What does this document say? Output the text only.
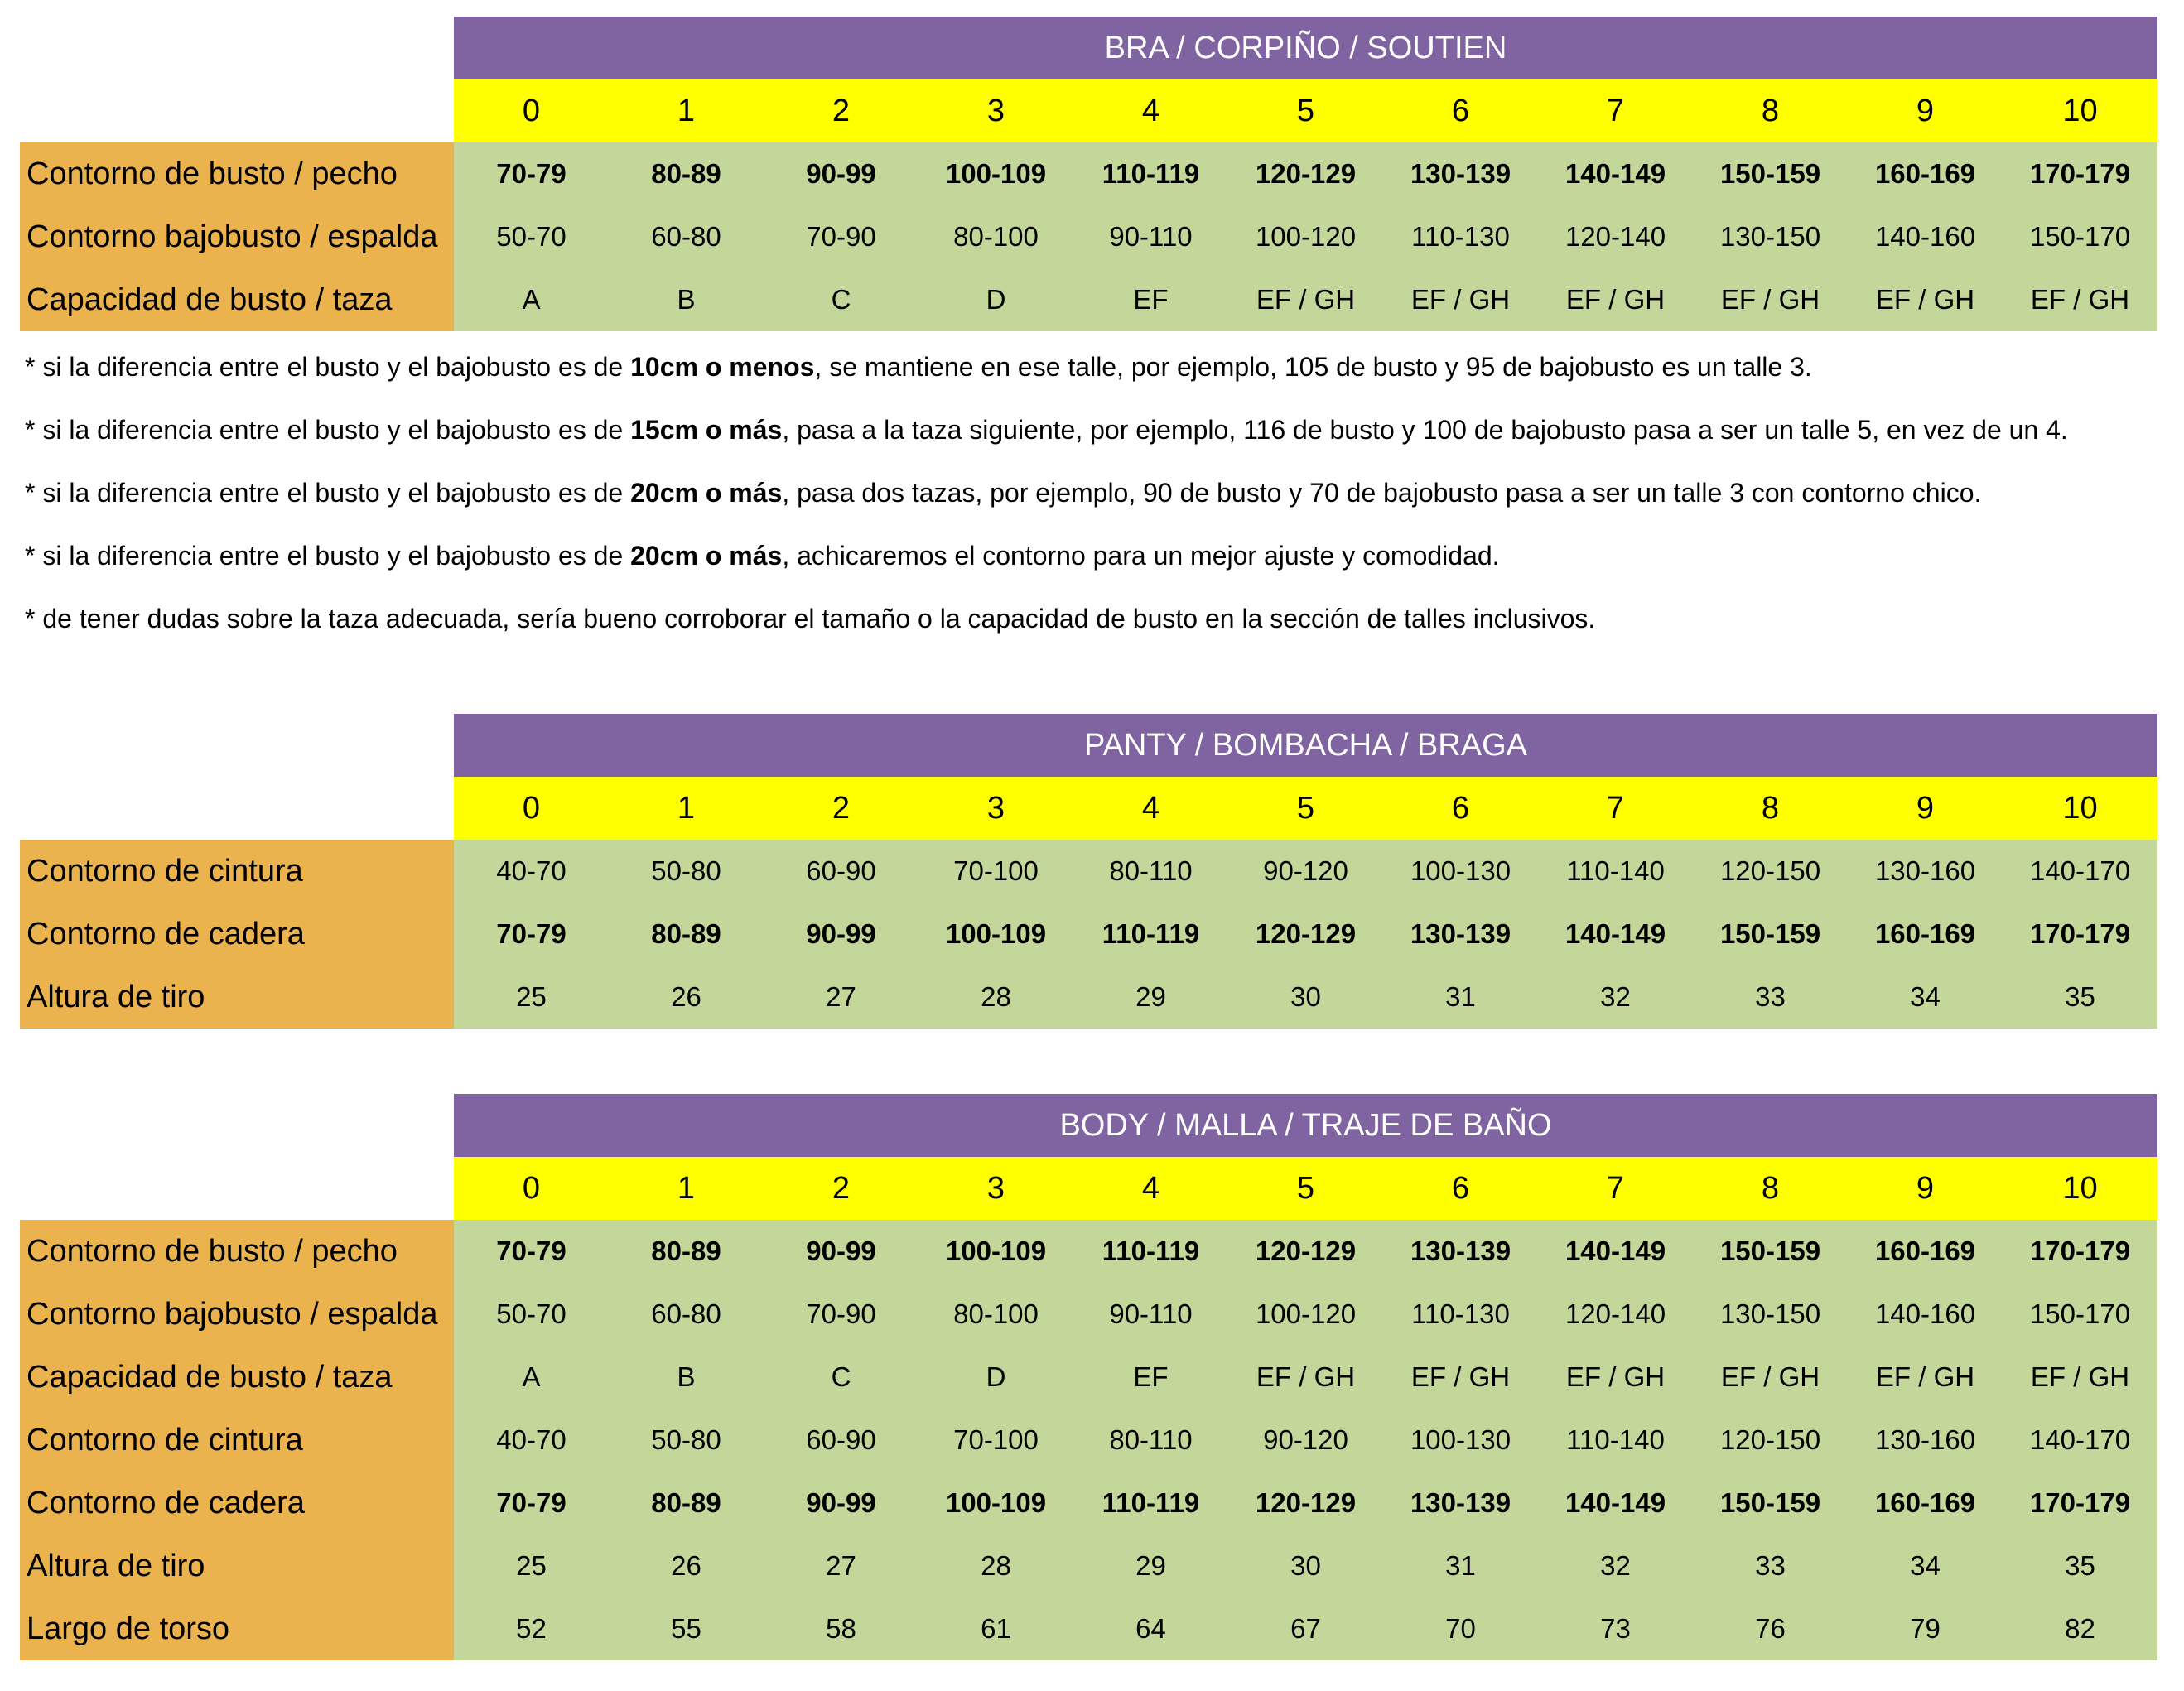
	BRA / CORPIÑO / SOUTIEN										
	0	1	2	3	4	5	6	7	8	9	10
Contorno de busto / pecho	70-79	80-89	90-99	100-109	110-119	120-129	130-139	140-149	150-159	160-169	170-179
Contorno bajobusto / espalda	50-70	60-80	70-90	80-100	90-110	100-120	110-130	120-140	130-150	140-160	150-170
Capacidad de busto / taza	A	B	C	D	EF	EF / GH	EF / GH	EF / GH	EF / GH	EF / GH	EF / GH
* si la diferencia entre el busto y el bajobusto es de 10cm o menos, se mantiene en ese talle, por ejemplo, 105 de busto y 95 de bajobusto es un talle 3.
* si la diferencia entre el busto y el bajobusto es de 15cm o más, pasa a la taza siguiente, por ejemplo, 116 de busto y 100 de bajobusto pasa a ser un talle 5, en vez de un 4.
* si la diferencia entre el busto y el bajobusto es de 20cm o más, pasa dos tazas, por ejemplo, 90 de busto y 70 de bajobusto pasa a ser un talle 3 con contorno chico.
* si la diferencia entre el busto y el bajobusto es de 20cm o más, achicaremos el contorno para un mejor ajuste y comodidad.
* de tener dudas sobre la taza adecuada, sería bueno corroborar el tamaño o la capacidad de busto en la sección de talles inclusivos.
	PANTY / BOMBACHA / BRAGA										
	0	1	2	3	4	5	6	7	8	9	10
Contorno de cintura	40-70	50-80	60-90	70-100	80-110	90-120	100-130	110-140	120-150	130-160	140-170
Contorno de cadera	70-79	80-89	90-99	100-109	110-119	120-129	130-139	140-149	150-159	160-169	170-179
Altura de tiro	25	26	27	28	29	30	31	32	33	34	35
	BODY / MALLA / TRAJE DE BAÑO										
	0	1	2	3	4	5	6	7	8	9	10
Contorno de busto / pecho	70-79	80-89	90-99	100-109	110-119	120-129	130-139	140-149	150-159	160-169	170-179
Contorno bajobusto / espalda	50-70	60-80	70-90	80-100	90-110	100-120	110-130	120-140	130-150	140-160	150-170
Capacidad de busto / taza	A	B	C	D	EF	EF / GH	EF / GH	EF / GH	EF / GH	EF / GH	EF / GH
Contorno de cintura	40-70	50-80	60-90	70-100	80-110	90-120	100-130	110-140	120-150	130-160	140-170
Contorno de cadera	70-79	80-89	90-99	100-109	110-119	120-129	130-139	140-149	150-159	160-169	170-179
Altura de tiro	25	26	27	28	29	30	31	32	33	34	35
Largo de torso	52	55	58	61	64	67	70	73	76	79	82
